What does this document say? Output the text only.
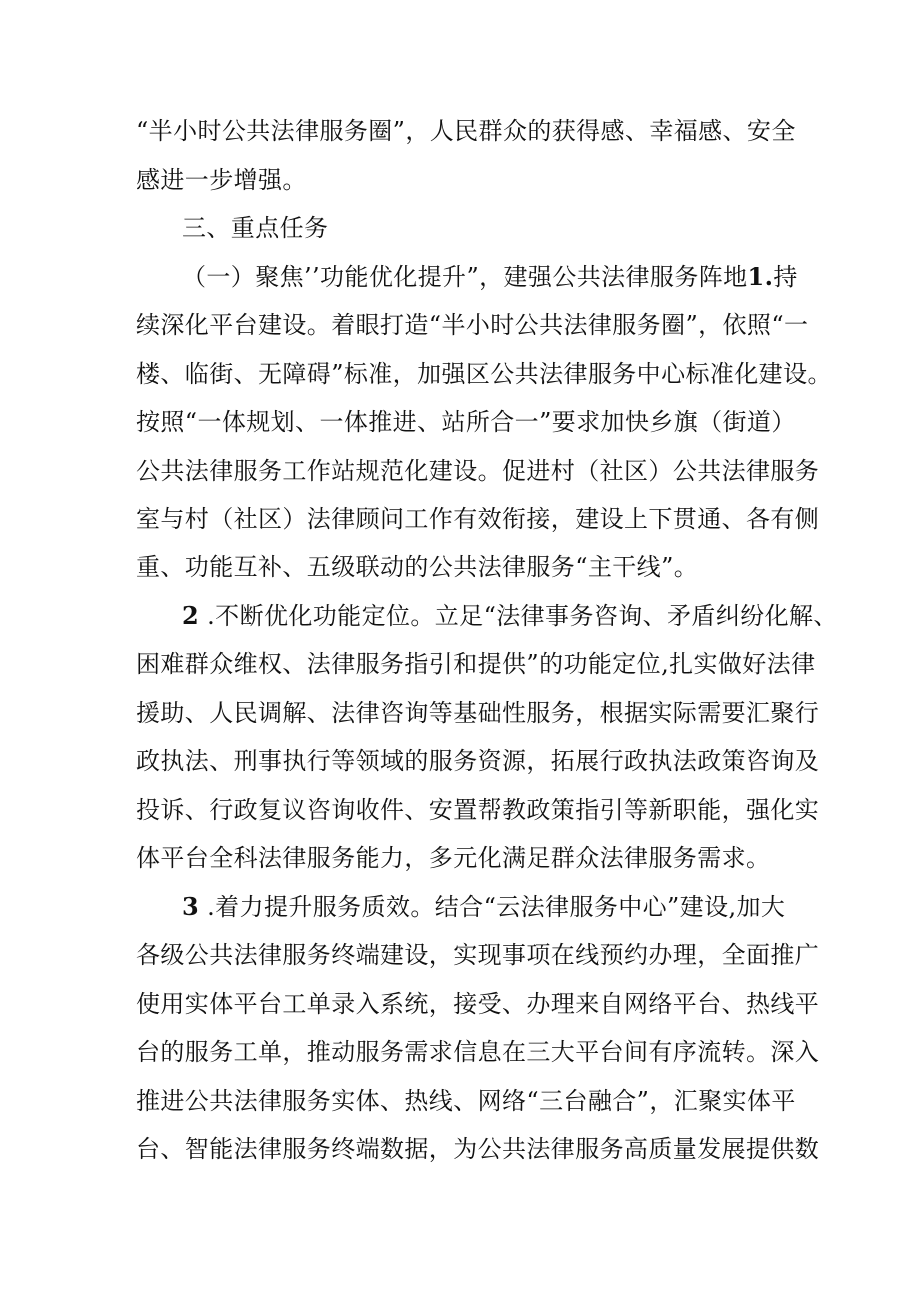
“半小时公共法律服务圈”，人民群众的获得感、幸福感、安全
感进一步增强。
三、重点任务
（一）聚焦’’功能优化提升”，建强公共法律服务阵地1.持
续深化平台建设。着眼打造“半小时公共法律服务圈”，依照“一
楼、临街、无障碍”标准，加强区公共法律服务中心标准化建设。
按照“一体规划、一体推进、站所合一”要求加快乡旗（街道）
公共法律服务工作站规范化建设。促进村（社区）公共法律服务
室与村（社区）法律顾问工作有效衔接，建设上下贯通、各有侧
重、功能互补、五级联动的公共法律服务“主干线”。
2 .不断优化功能定位。立足“法律事务咨询、矛盾纠纷化解、
困难群众维权、法律服务指引和提供”的功能定位,扎实做好法律
援助、人民调解、法律咨询等基础性服务，根据实际需要汇聚行
政执法、刑事执行等领域的服务资源，拓展行政执法政策咨询及
投诉、行政复议咨询收件、安置帮教政策指引等新职能，强化实
体平台全科法律服务能力，多元化满足群众法律服务需求。
3 .着力提升服务质效。结合“云法律服务中心”建设,加大
各级公共法律服务终端建设，实现事项在线预约办理，全面推广
使用实体平台工单录入系统，接受、办理来自网络平台、热线平
台的服务工单，推动服务需求信息在三大平台间有序流转。深入
推进公共法律服务实体、热线、网络“三台融合”，汇聚实体平
台、智能法律服务终端数据，为公共法律服务高质量发展提供数
